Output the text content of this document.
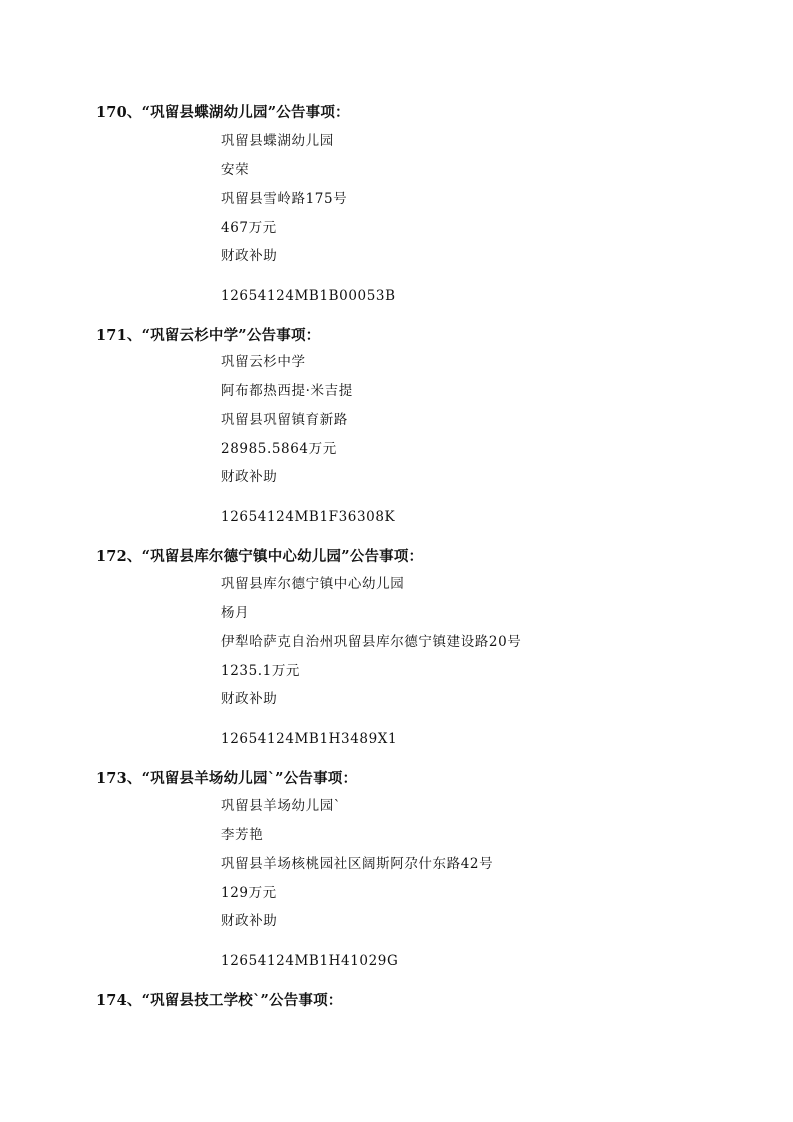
170、“巩留县蝶湖幼儿园”公告事项：
巩留县蝶湖幼儿园
安荣
巩留县雪岭路175号
467万元
财政补助
12654124MB1B00053B
171、“巩留云杉中学”公告事项：
巩留云杉中学
阿布都热西提·米吉提
巩留县巩留镇育新路
28985.5864万元
财政补助
12654124MB1F36308K
172、“巩留县库尔德宁镇中心幼儿园”公告事项：
巩留县库尔德宁镇中心幼儿园
杨月
伊犁哈萨克自治州巩留县库尔德宁镇建设路20号
1235.1万元
财政补助
12654124MB1H3489X1
173、“巩留县羊场幼儿园`”公告事项：
巩留县羊场幼儿园`
李芳艳
巩留县羊场核桃园社区阔斯阿尕什东路42号
129万元
财政补助
12654124MB1H41029G
174、“巩留县技工学校`”公告事项：
